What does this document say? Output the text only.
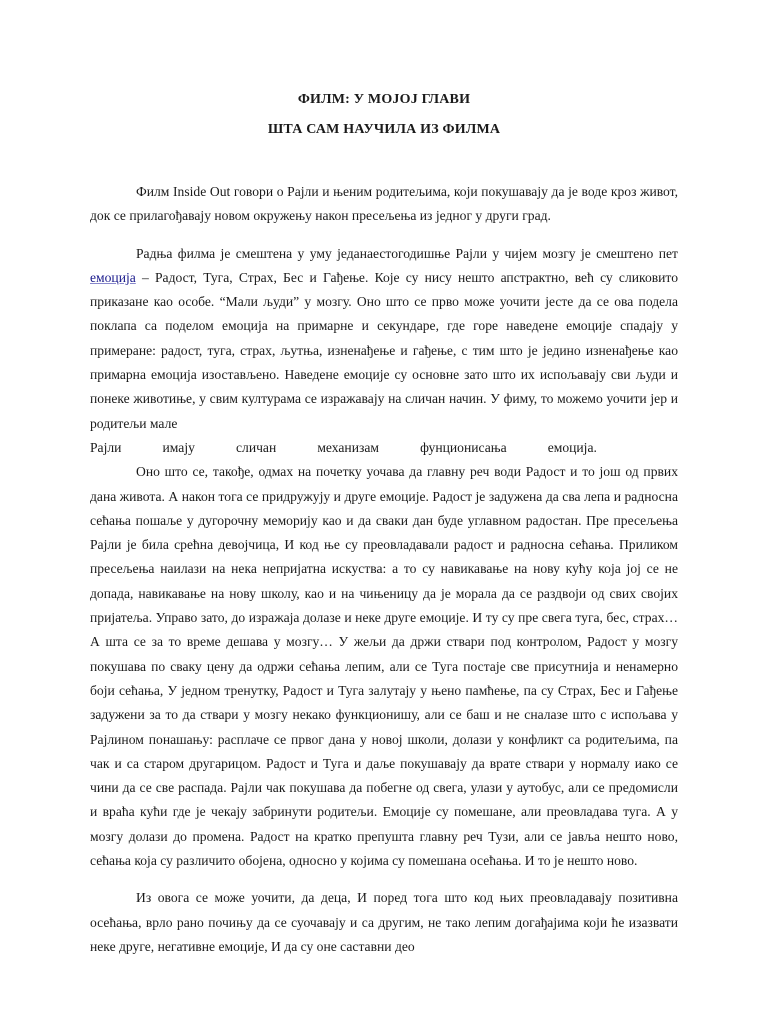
ФИЛМ: У МОЈОЈ ГЛАВИ

ШТА САМ НАУЧИЛА ИЗ ФИЛМА

Филм Inside Out говори о Рајли и њеним родитељима, који покушавају да је воде кроз живот, док се прилагођавају новом окружењу након пресељења из једног у други град.

Радња филма је смештена у уму једанаестогодишње Рајли у чијем мозгу је смештено пет емоција – Радост, Туга, Страх, Бес и Гађење. Које су нису нешто апстрактно, већ су сликовито приказане као особе. “Мали људи” у мозгу. Оно што се прво може уочити јесте да се ова подела поклапа са поделом емоција на примарне и секундаре, где горе наведене емоције спадају у примеране: радост, туга, страх, љутња, изненађење и гађење, с тим што је једино изненађење као примарна емоција изостављено. Наведене емоције су основне зато што их испољавају сви људи и понеке животиње, у свим културама се изражавају на сличан начин. У фиму, то можемо уочити јер и родитељи мале

Рајли	имају	сличан	механизам	фунционисања	емоција.

Оно што се, такође, одмах на почетку уочава да главну реч води Радост и то још од првих дана живота. А након тога се придружују и друге емоције. Радост је задужена да сва лепа и радносна сећања пошаље у дугорочну меморију као и да сваки дан буде углавном радостан. Пре пресељења Рајли је била срећна девојчица, И код ње су преовладавали радост и радносна сећања. Приликом пресељења наилази на нека непријатна искуства: а то су навикавање на нову кућу која јој се не допада, навикавање на нову школу, као и на чињеницу да је морала да се раздвоји од свих својих пријатеља. Управо зато, до изражаја долазе и неке друге емоције. И ту су пре свега туга, бес, страх… А шта се за то време дешава у мозгу… У жељи да држи ствари под контролом, Радост у мозгу покушава по сваку цену да одржи сећања лепим, али се Туга постаје све присутнија и ненамерно боји сећања, У једном тренутку, Радост и Туга залутају у њено памћење, па су Страх, Бес и Гађење задужени за то да ствари у мозгу некако функционишу, али се баш и не сналазе што с испољава у Рајлином понашању: расплаче се првог дана у новој школи, долази у конфликт са родитељима, па чак и са старом другарицом. Радост и Туга и даље покушавају да врате ствари у нормалу иако се чини да се све распада. Рајли чак покушава да побегне од свега, улази у аутобус, али се предомисли и враћа кући где је чекају забринути родитељи. Емоције су помешане, али преовладава туга. А у мозгу долази до промена. Радост на кратко препушта главну реч Тузи, али се јавља нешто ново, сећања која су различито обојена, односно у којима су помешана осећања. И то је нешто ново.

Из овога се може уочити, да деца, И поред тога што код њих преовладавају позитивна осећања, врло рано почињу да се суочавају и са другим, не тако лепим догађајима који ће изазвати неке друге, негативне емоције, И да су оне саставни део
